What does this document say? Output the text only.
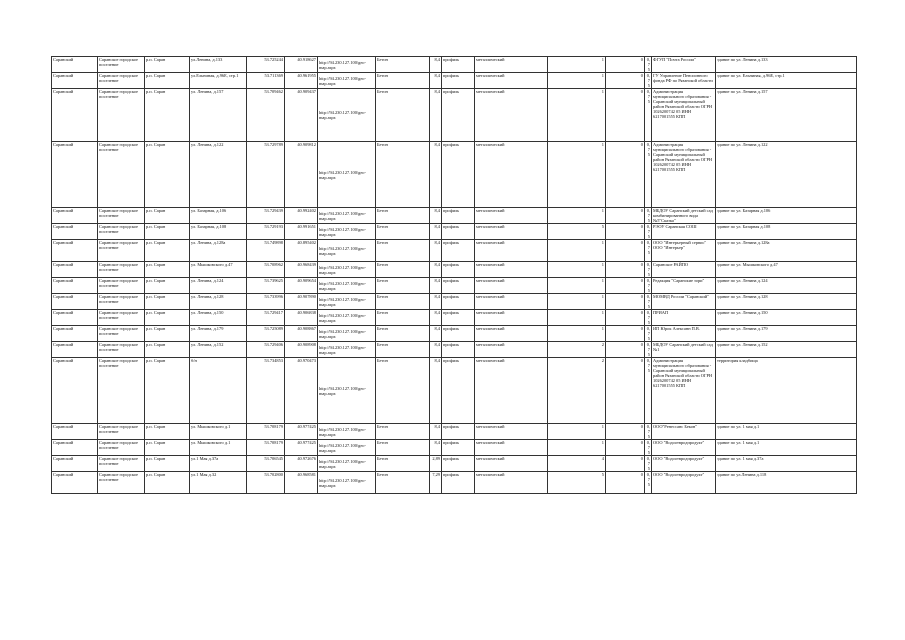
Саранский	Саранское городское поселение	р.п. Саран	ул.Ленина, д.133	53.725244	40.918627	http://94.230.127.100/geo-map.aspx	Бетон	8,4	профиль	металлический	1	0	0,75	ФГУП "Почта России"	здание по ул. Ленина д.133
Саранский	Саранское городское поселение	р.п. Саран	ул.Ельниная, д.96Е, стр.1	53.711369	40.961955	http://94.230.127.100/geo-map.aspx	Бетон	8,4	профиль	металлический	1	0	0,75	ГУ Управление Пенсионного фонда РФ по Рязанской области	здание по ул. Ельниная, д.96Е, стр.1
Саранский	Саранское городское поселение	р.п. Саран	ул. Ленина, д.157	53.709462	40.909437	http://94.230.127.100/geo-map.aspx	Бетон	8,4	профиль	металлический	1	0	0,75	Администрация муниципального образования - Саранский муниципальный район Рязанской области ОГРН 1026200742 05 ИНН 6217001555 КПП	здание по ул. Ленина д.157
Саранский	Саранское городское поселение	р.п. Саран	ул. Ленина, д.122	53.729789	40.909812	http://94.230.127.100/geo-map.aspx	Бетон	8,4	профиль	металлический	1	0	0,75	Администрация муниципального образования - Саранский муниципальный район Рязанской области ОГРН 1026200742 05 ИНН 6217001555 КПП	здание по ул. Ленина д.122
Саранский	Саранское городское поселение	р.п. Саран	ул. Базарная, д.106	53.729439	40.992402	http://94.230.127.100/geo-map.aspx	Бетон	8,4	профиль	металлический	1	0	0,75	МБДОУ Саранский детский сад комбинированного вида №5"Сказка"	здание по ул. Базарная д.106
Саранский	Саранское городское поселение	р.п. Саран	ул. Базарная, д.108	53.729193	40.991651	http://94.230.127.100/geo-map.aspx	Бетон	8,4	профиль	металлический	5	0	0,75	РЭОУ Саранская СОШ	здание по ул. Базарная д.108
Саранский	Саранское городское поселение	р.п. Саран	ул. Ленина, д.128а	53.749898	40.895402	http://94.230.127.100/geo-map.aspx	Бетон	8,4	профиль	металлический	1	0	0,75	ООО "Интерьерный сервис" ООО "Интерьер"	здание по ул. Ленина д.128а
Саранский	Саранское городское поселение	р.п. Саран	ул. Мышковского д.47	53.708962	40.968439	http://94.230.127.100/geo-map.aspx	Бетон	8,4	профиль	металлический	1	0	0,75	Саранское РАЙПО	здание по ул. Мышковского д.47
Саранский	Саранское городское поселение	р.п. Саран	ул. Ленина, д.124	53.739625	40.909654	http://94.230.127.100/geo-map.aspx	Бетон	8,4	профиль	металлический	1	0	0,75	Редакция "Саранские зори"	здание по ул. Ленина д.124
Саранский	Саранское городское поселение	р.п. Саран	ул. Ленина, д.128	53.733996	40.907890	http://94.230.127.100/geo-map.aspx	Бетон	8,4	профиль	металлический	1	0	0,75	МОМВД России "Саранский"	здание по ул. Ленина д.128
Саранский	Саранское городское поселение	р.п. Саран	ул. Ленина, д.150	53.729417	40.906838	http://94.230.127.100/geo-map.aspx	Бетон	8,4	профиль	металлический	1	0	0,75	ПРИАП	здание по ул. Ленина д.150
Саранский	Саранское городское поселение	р.п. Саран	ул. Ленина, д.179	53.725089	40.908867	http://94.230.127.100/geo-map.aspx	Бетон	8,4	профиль	металлический	1	0	0,75	ИП Юрок Алексанн П.В.	здание по ул. Ленина д.179
Саранский	Саранское городское поселение	р.п. Саран	ул. Ленина, д.152	53.729406	40.908908	http://94.230.127.100/geo-map.aspx	Бетон	8,4	профиль	металлический	2	0	0,75	МБДОУ Саранский детский сад №1	здание по ул. Ленина д.152
Саранский	Саранское городское поселение	р.п. Саран	б/н	53.734853	40.970473	http://94.230.127.100/geo-map.aspx	Бетон	8,4	профиль	металлический	2	0	0,75	Администрация муниципального образования - Саранский муниципальный район Рязанской области ОГРН 1026200742 05 ИНН 6217001555 КПП	территория кладбища
Саранский	Саранское городское поселение	р.п. Саран	ул. Мышковского д.1	53.708179	40.977425	http://94.230.127.100/geo-map.aspx	Бетон	8,4	профиль	металлический	1	0	0,75	ООО"Ренессанс Бекон"	здание по ул. 1 мая д.1
Саранский	Саранское городское поселение	р.п. Саран	ул. Мышковского д.1	53.708179	40.977425	http://94.230.127.100/geo-map.aspx	Бетон	8,4	профиль	металлический	1	0	0,75	ООО "Водоотвродпродукт"	здание по ул. 1 мая д.1
Саранский	Саранское городское поселение	р.п. Саран	ул.1 Мая д.37а	53.706545	40.972676	http://94.230.127.100/geo-map.aspx	Бетон	2,89	профиль	металлический	4	0	0,75	ООО "Водоотвродпродукт"	здание по ул. 1 мая д.37а
Саранский	Саранское городское поселение	р.п. Саран	ул.1 Мая д.32	53.702800	40.968581	http://94.230.127.100/geo-map.aspx	Бетон	7,29	профиль	металлический	5	0	0,75	ООО "Водоотвродпродукт"	здание по ул.Ленина д.118
